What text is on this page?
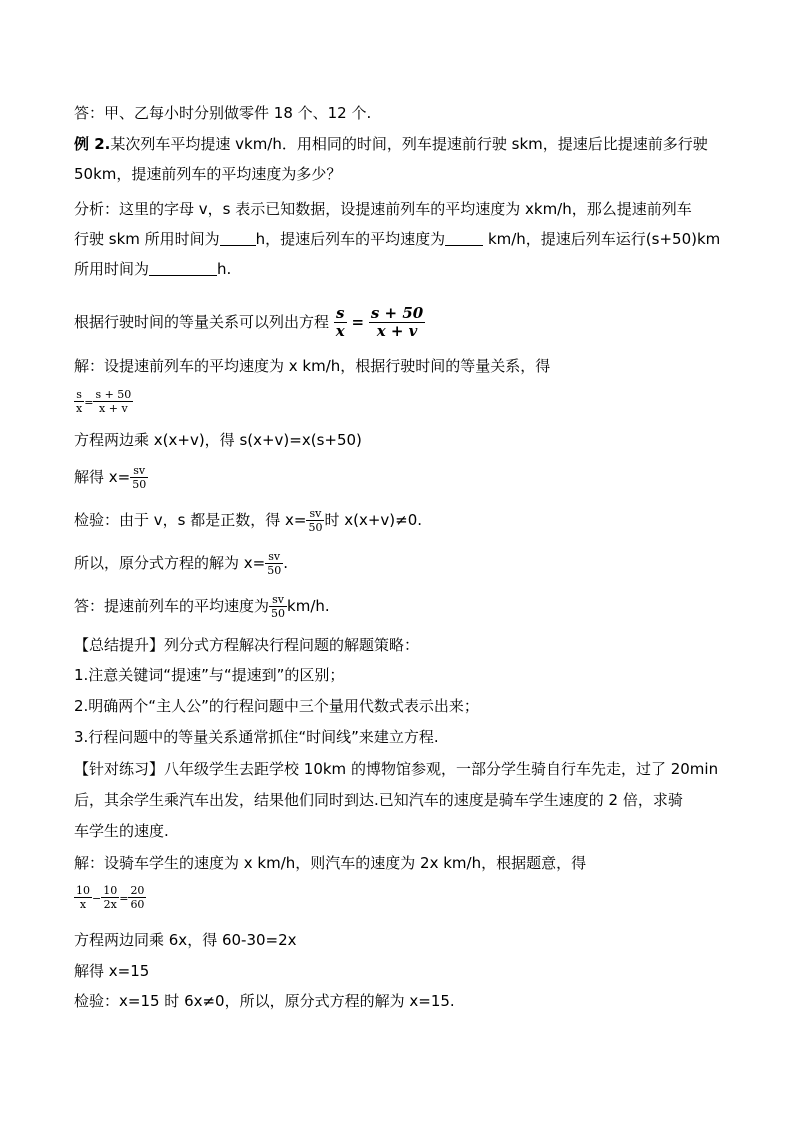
答：甲、乙每小时分别做零件 18 个、12 个.
例 2.某次列车平均提速 vkm/h．用相同的时间，列车提速前行驶 skm，提速后比提速前多行驶
50km，提速前列车的平均速度为多少？
分析：这里的字母 v，s 表示已知数据，设提速前列车的平均速度为 xkm/h，那么提速前列车
行驶 skm 所用时间为 h，提速后列车的平均速度为	km/h，提速后列车运行(s+50)km
所用时间为	h.
根据行驶时间的等量关系可以列出方程 $\frac{s}{x} = \frac{s + 50}{x + v}$
解：设提速前列车的平均速度为 x km/h，根据行驶时间的等量关系，得
$\frac{s}{x} = \frac{s + 50}{x + v}$
方程两边乘 x(x+v)，得 s(x+v)=x(s+50)
解得 $x= \frac{sv}{50}$
检验：由于 v，s 都是正数，得 $x= \frac{sv}{50}$ 时 x(x+v)≠0.
所以，原分式方程的解为 $x= \frac{sv}{50}$ .
答：提速前列车的平均速度为 $\frac{sv}{50} km/h$.
【总结提升】列分式方程解决行程问题的解题策略：
1.注意关键词“提速”与“提速到”的区别；
2.明确两个“主人公”的行程问题中三个量用代数式表示出来；
3.行程问题中的等量关系通常抓住“时间线”来建立方程.
【针对练习】八年级学生去距学校 10km 的博物馆参观，一部分学生骑自行车先走，过了 20min
后，其余学生乘汽车出发，结果他们同时到达.已知汽车的速度是骑车学生速度的 2 倍，求骑
车学生的速度.
解：设骑车学生的速度为 x km/h，则汽车的速度为 2x km/h，根据题意，得
$\frac{10}{x} - \frac{10}{2x} = \frac{20}{60}$
方程两边同乘 6x，得 60-30=2x
解得 x=15
检验：x=15 时 6x≠0，所以，原分式方程的解为 x=15.
